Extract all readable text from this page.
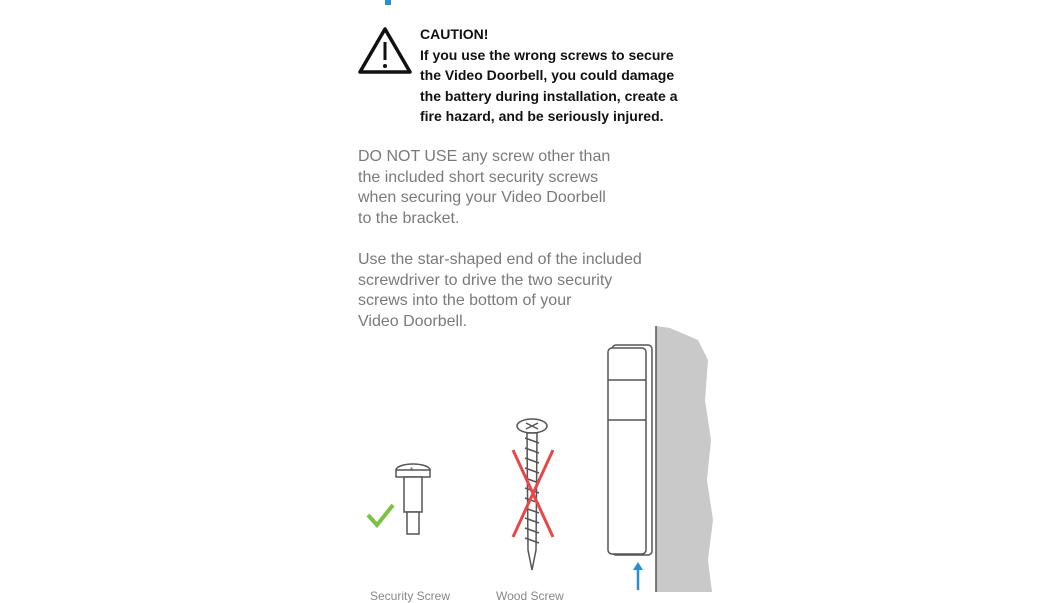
CAUTION!
If you use the wrong screws to secure
the Video Doorbell, you could damage
the battery during installation, create a
fire hazard, and be seriously injured.
DO NOT USE any screw other than
the included short security screws
when securing your Video Doorbell
to the bracket.
Use the star-shaped end of the included
screwdriver to drive the two security
screws into the bottom of your
Video Doorbell.
*
Security Screw	Wood Screw
